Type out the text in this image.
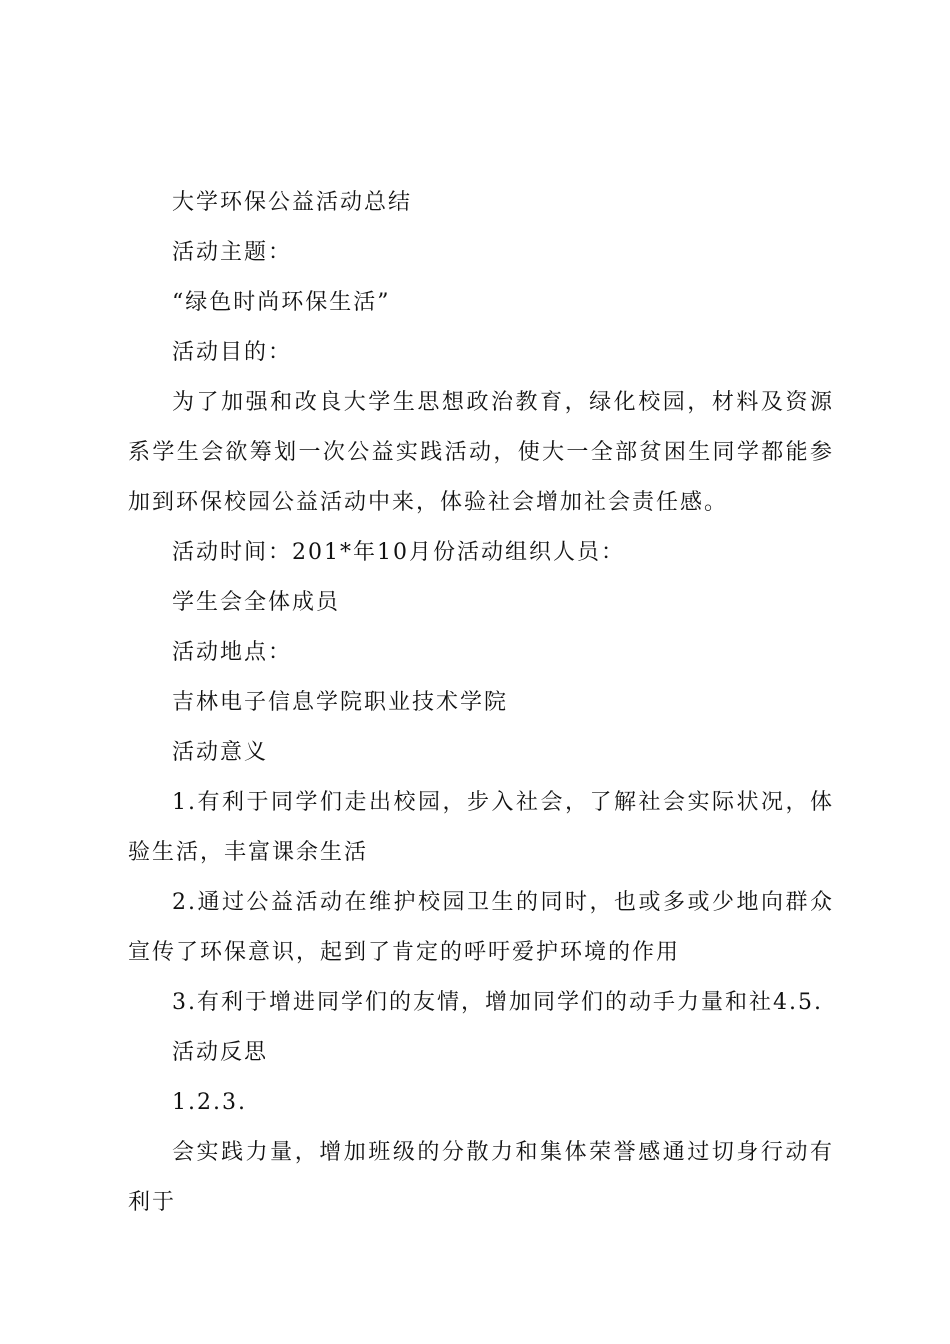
大学环保公益活动总结

活动主题：

“绿色时尚环保生活”

活动目的：

为了加强和改良大学生思想政治教育，绿化校园，材料及资源系学生会欲筹划一次公益实践活动，使大一全部贫困生同学都能参加到环保校园公益活动中来，体验社会增加社会责任感。

活动时间：201*年10月份活动组织人员：

学生会全体成员

活动地点：

吉林电子信息学院职业技术学院

活动意义

1.有利于同学们走出校园，步入社会，了解社会实际状况，体验生活，丰富课余生活

2.通过公益活动在维护校园卫生的同时，也或多或少地向群众宣传了环保意识，起到了肯定的呼吁爱护环境的作用

3.有利于增进同学们的友情，增加同学们的动手力量和社4.5.

活动反思

1.2.3.

会实践力量，增加班级的分散力和集体荣誉感通过切身行动有利于
